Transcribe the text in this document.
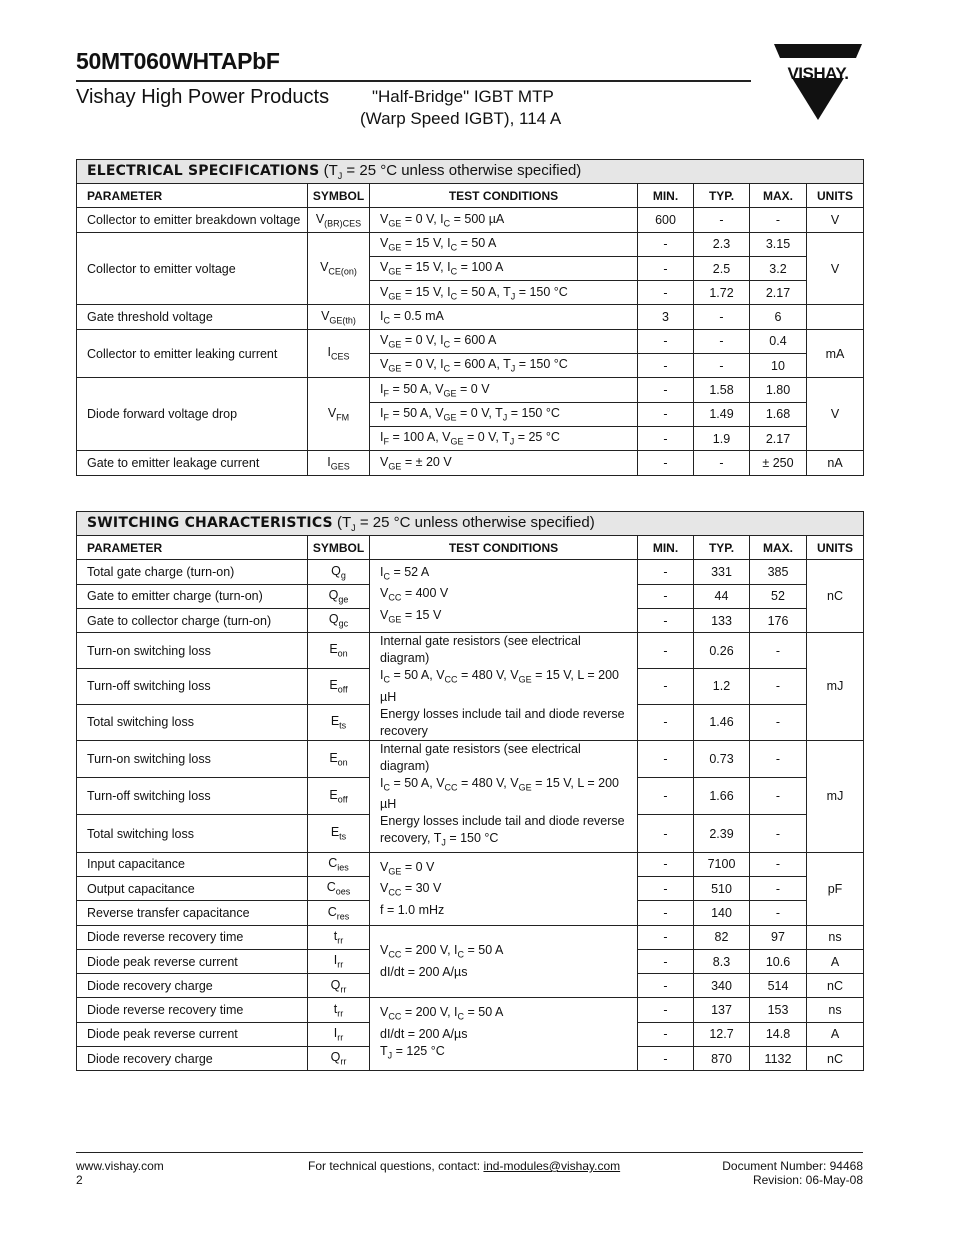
50MT060WHTAPbF
Vishay High Power Products	"Half-Bridge" IGBT MTP
(Warp Speed IGBT), 114 A
VISHAY.
ELECTRICAL SPECIFICATIONS ($T_J = 25$ °C unless otherwise specified)						
PARAMETER	SYMBOL	TEST CONDITIONS	MIN.	TYP.	MAX.	UNITS
Collector to emitter breakdown voltage	$V_{(BR)CES}$	$V_{GE} = 0$ V, $I_C = 500$ µA	600	-	-	V
Collector to emitter voltage	$V_{CE(on)}$	$V_{GE} = 15$ V, $I_C = 50$ A	-	2.3	3.15	V
		$V_{GE} = 15$ V, $I_C = 100$ A	-	2.5	3.2	
		$V_{GE} = 15$ V, $I_C = 50$ A, $T_J = 150$ °C	-	1.72	2.17	
Gate threshold voltage	$V_{GE(th)}$	$I_C = 0.5$ mA	3	-	6	
Collector to emitter leaking current	$I_{CES}$	$V_{GE} = 0$ V, $I_C = 600$ A	-	-	0.4	mA
		$V_{GE} = 0$ V, $I_C = 600$ A, $T_J = 150$ °C	-	-	10	
Diode forward voltage drop	$V_{FM}$	$I_F = 50$ A, $V_{GE} = 0$ V	-	1.58	1.80	V
		$I_F = 50$ A, $V_{GE} = 0$ V, $T_J = 150$ °C	-	1.49	1.68	
		$I_F = 100$ A, $V_{GE} = 0$ V, $T_J = 25$ °C	-	1.9	2.17	
Gate to emitter leakage current	$I_{GES}$	$V_{GE}$ = ± 20 V	-	-	± 250	nA
SWITCHING CHARACTERISTICS ($T_J = 25$ °C unless otherwise specified)						
PARAMETER	SYMBOL	TEST CONDITIONS	MIN.	TYP.	MAX.	UNITS
Total gate charge (turn-on)	$Q_g$	$I_C = 52$ A
$V_{CC} = 400$ V
$V_{GE} = 15$ V	-	331	385	nC
Gate to emitter charge (turn-on)	$Q_{ge}$		-	44	52	
Gate to collector charge (turn-on)	$Q_{gc}$		-	133	176	
Turn-on switching loss	$E_{on}$	Internal gate resistors (see electrical diagram)
$I_C = 50$ A, $V_{CC} = 480$ V, $V_{GE} = 15$ V, L = 200 µH
Energy losses include tail and diode reverse
recovery	-	0.26	-	mJ
Turn-off switching loss	$E_{off}$		-	1.2	-	
Total switching loss	$E_{ts}$		-	1.46	-	
Turn-on switching loss	$E_{on}$	Internal gate resistors (see electrical diagram)
$I_C = 50$ A, $V_{CC} = 480$ V, $V_{GE} = 15$ V, L = 200 µH
Energy losses include tail and diode reverse
recovery, $T_J = 150$ °C	-	0.73	-	mJ
Turn-off switching loss	$E_{off}$		-	1.66	-	
Total switching loss	$E_{ts}$		-	2.39	-	
Input capacitance	$C_{ies}$	$V_{GE} = 0$ V
$V_{CC} = 30$ V
f = 1.0 mHz	-	7100	-	pF
Output capacitance	$C_{oes}$		-	510	-	
Reverse transfer capacitance	$C_{res}$		-	140	-	
Diode reverse recovery time	$t_{rr}$	$V_{CC} = 200$ V, $I_C = 50$ A
dI/dt = 200 A/µs	-	82	97	ns
Diode peak reverse current	$I_{rr}$		-	8.3	10.6	A
Diode recovery charge	$Q_{rr}$		-	340	514	nC
Diode reverse recovery time	$t_{rr}$	$V_{CC} = 200$ V, $I_C = 50$ A
dI/dt = 200 A/µs
$T_J = 125$ °C	-	137	153	ns
Diode peak reverse current	$I_{rr}$		-	12.7	14.8	A
Diode recovery charge	$Q_{rr}$		-	870	1132	nC
www.vishay.com
2
For technical questions, contact: ind-modules@vishay.com	Document Number: 94468
Revision: 06-May-08
